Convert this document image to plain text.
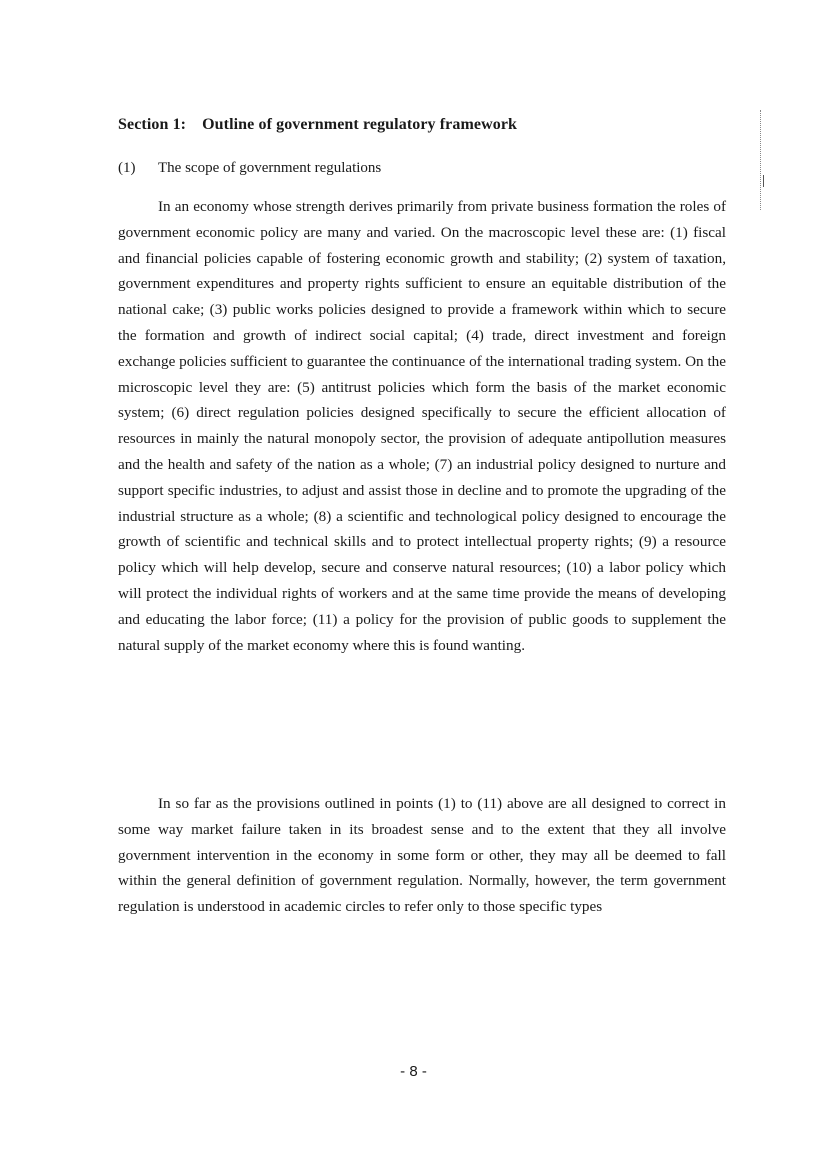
Section 1: Outline of government regulatory framework
(1) The scope of government regulations

In an economy whose strength derives primarily from private business formation the roles of government economic policy are many and varied. On the macroscopic level these are: (1) fiscal and financial policies capable of fostering economic growth and stability; (2) system of taxation, government expenditures and property rights sufficient to ensure an equitable distribution of the national cake; (3) public works policies designed to provide a framework within which to secure the formation and growth of indirect social capital; (4) trade, direct investment and foreign exchange policies sufficient to guarantee the continuance of the international trading system. On the microscopic level they are: (5) antitrust policies which form the basis of the market economic system; (6) direct regulation policies designed specifically to secure the efficient allocation of resources in mainly the natural monopoly sector, the provision of adequate antipollution measures and the health and safety of the nation as a whole; (7) an industrial policy designed to nurture and support specific industries, to adjust and assist those in decline and to promote the upgrading of the industrial structure as a whole; (8) a scientific and technological policy designed to encourage the growth of scientific and technical skills and to protect intellectual property rights; (9) a resource policy which will help develop, secure and conserve natural resources; (10) a labor policy which will protect the individual rights of workers and at the same time provide the means of developing and educating the labor force; (11) a policy for the provision of public goods to supplement the natural supply of the market economy where this is found wanting.

In so far as the provisions outlined in points (1) to (11) above are all designed to correct in some way market failure taken in its broadest sense and to the extent that they all involve government intervention in the economy in some form or other, they may all be deemed to fall within the general definition of government regulation. Normally, however, the term government regulation is understood in academic circles to refer only to those specific types

- 8 -
